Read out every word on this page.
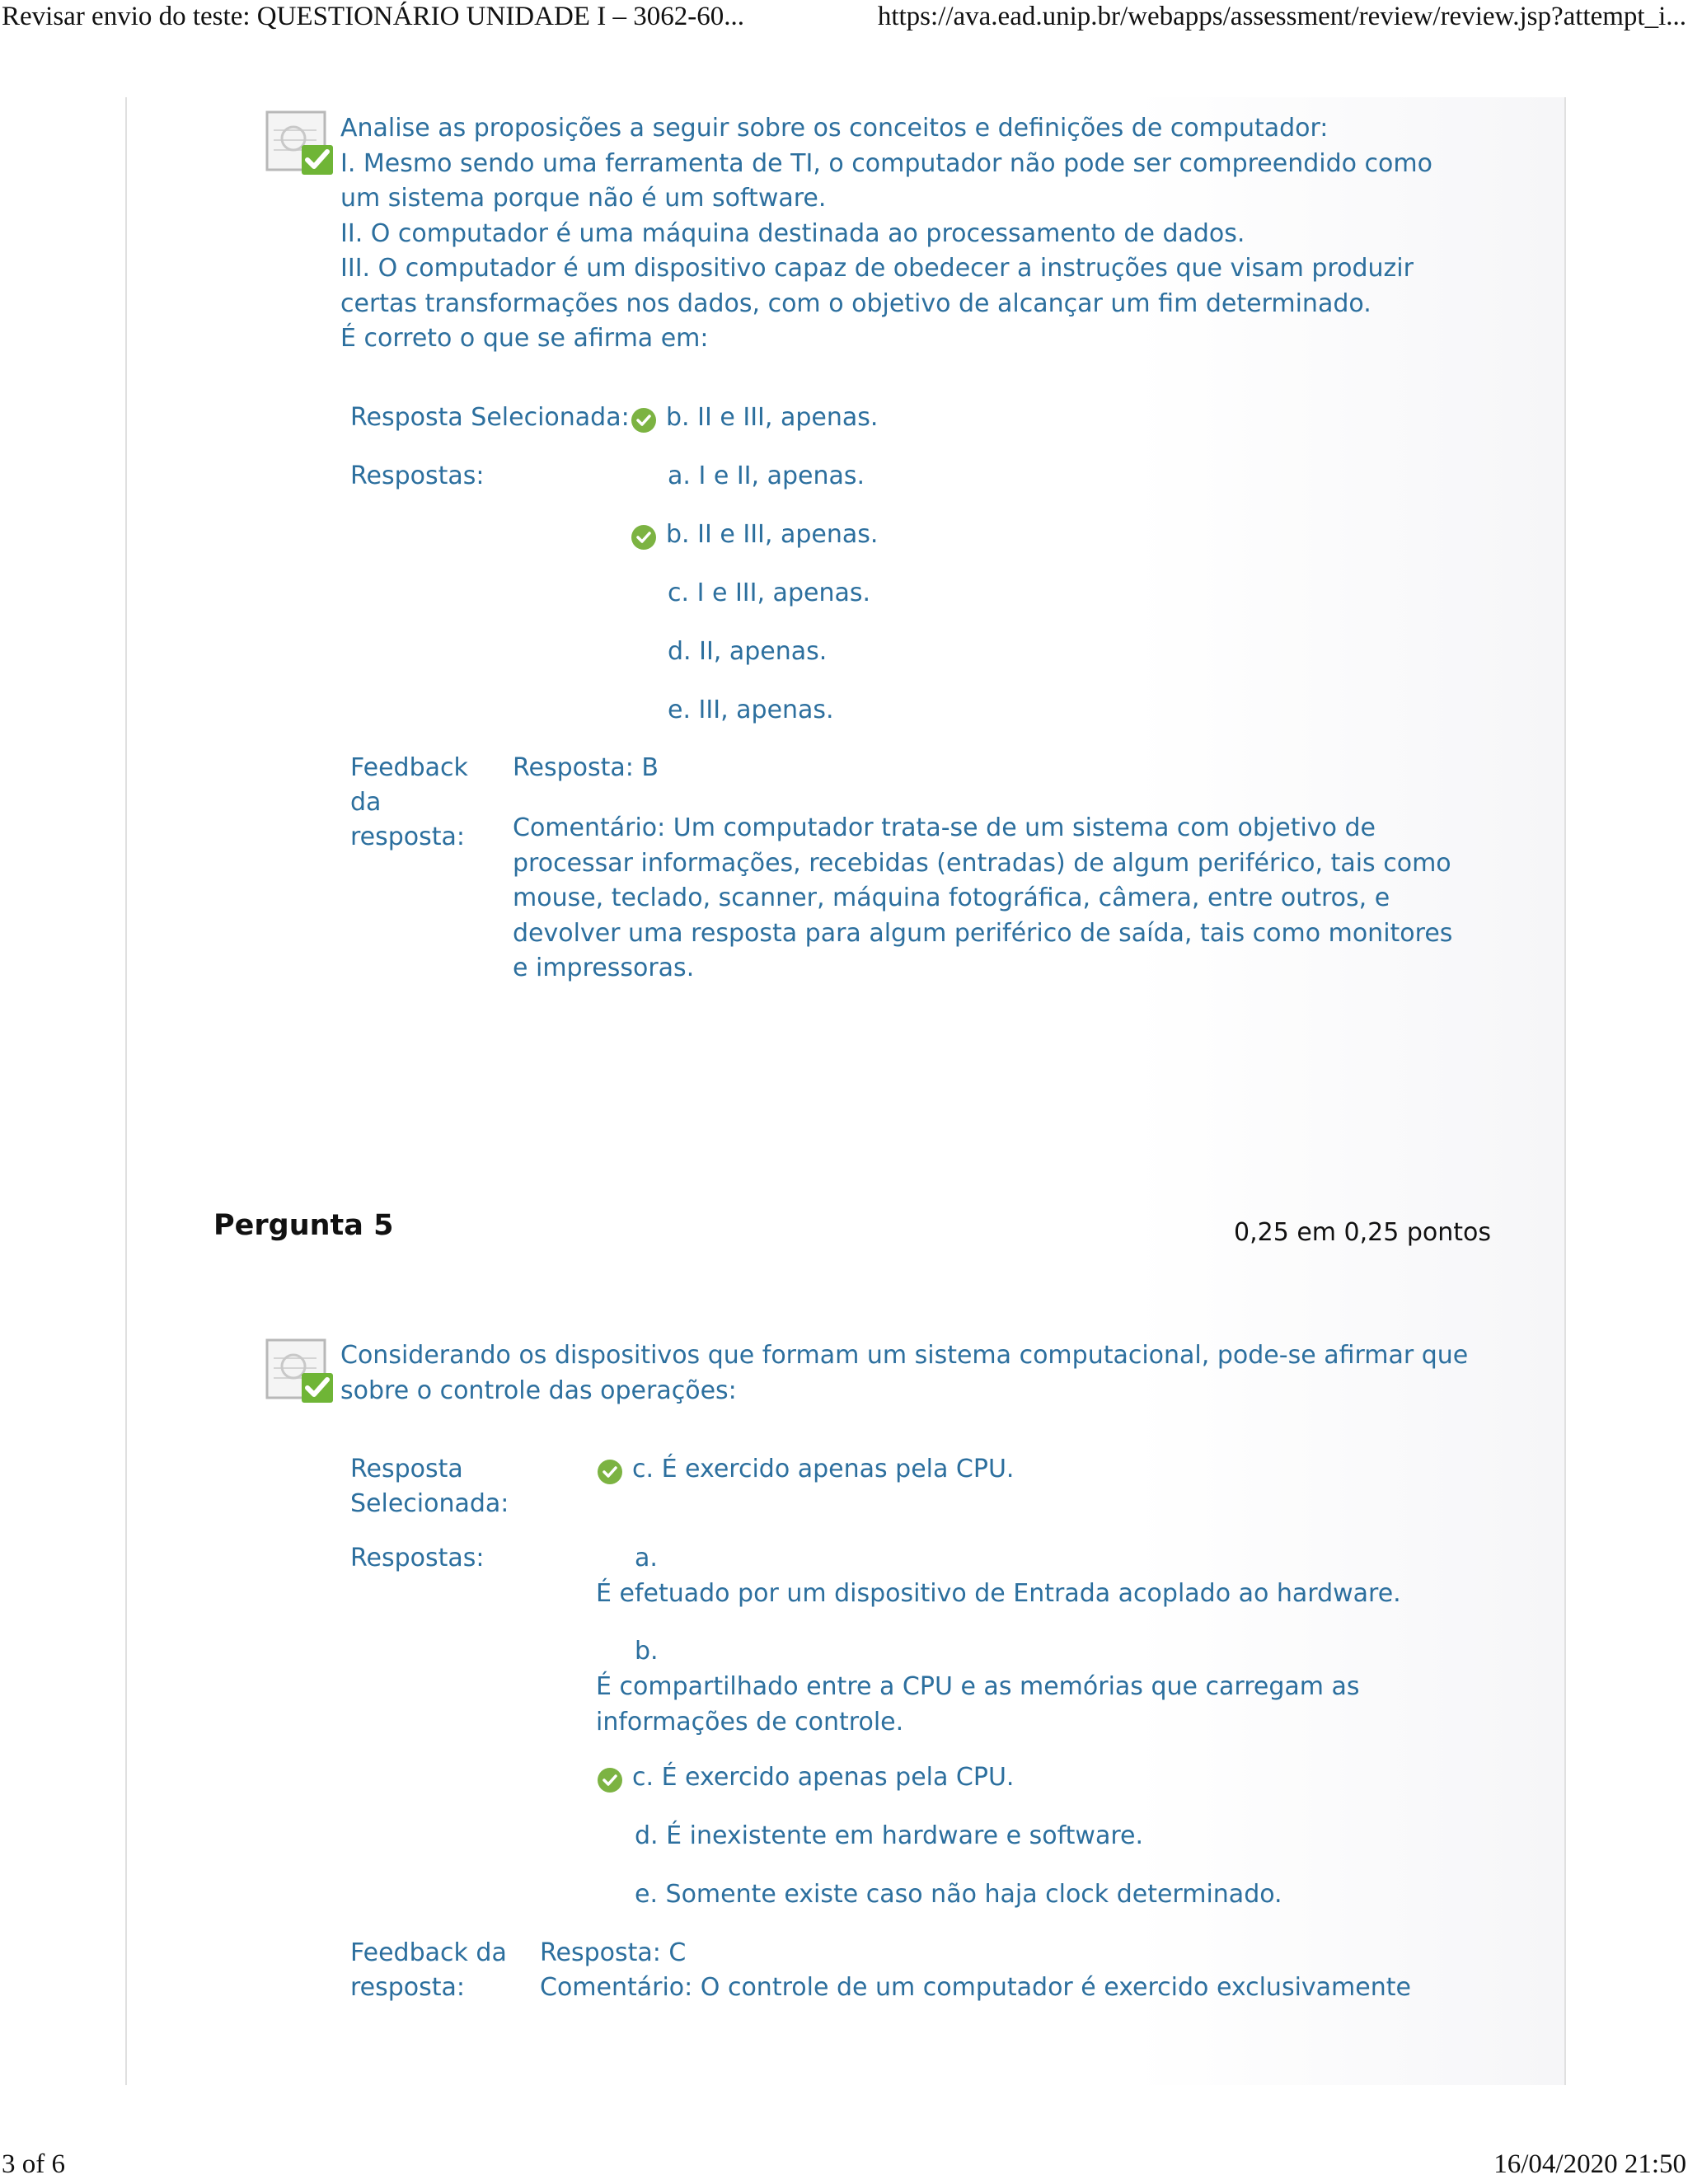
Revisar envio do teste: QUESTIONÁRIO UNIDADE I – 3062-60...	https://ava.ead.unip.br/webapps/assessment/review/review.jsp?attempt_i...
Analise as proposições a seguir sobre os conceitos e definições de computador:
I. Mesmo sendo uma ferramenta de TI, o computador não pode ser compreendido como
um sistema porque não é um software.
II. O computador é uma máquina destinada ao processamento de dados.
III. O computador é um dispositivo capaz de obedecer a instruções que visam produzir
certas transformações nos dados, com o objetivo de alcançar um fim determinado.
É correto o que se afirma em:
Resposta Selecionada: b. II e III, apenas.
Respostas:	a. I e II, apenas.
b. II e III, apenas.
c. I e III, apenas.
d. II, apenas.
e. III, apenas.
Feedback
da
resposta:
Resposta: B
Comentário: Um computador trata-se de um sistema com objetivo de
processar informações, recebidas (entradas) de algum periférico, tais como
mouse, teclado, scanner, máquina fotográfica, câmera, entre outros, e
devolver uma resposta para algum periférico de saída, tais como monitores
e impressoras.
Pergunta 5	0,25 em 0,25 pontos
Considerando os dispositivos que formam um sistema computacional, pode-se afirmar que
sobre o controle das operações:
Resposta
Selecionada:
c. É exercido apenas pela CPU.
Respostas:	a.
É efetuado por um dispositivo de Entrada acoplado ao hardware.
b.
É compartilhado entre a CPU e as memórias que carregam as
informações de controle.
c. É exercido apenas pela CPU.
d. É inexistente em hardware e software.
e. Somente existe caso não haja clock determinado.
Feedback da
resposta:
Resposta: C
Comentário: O controle de um computador é exercido exclusivamente
3 of 6	16/04/2020 21:50
